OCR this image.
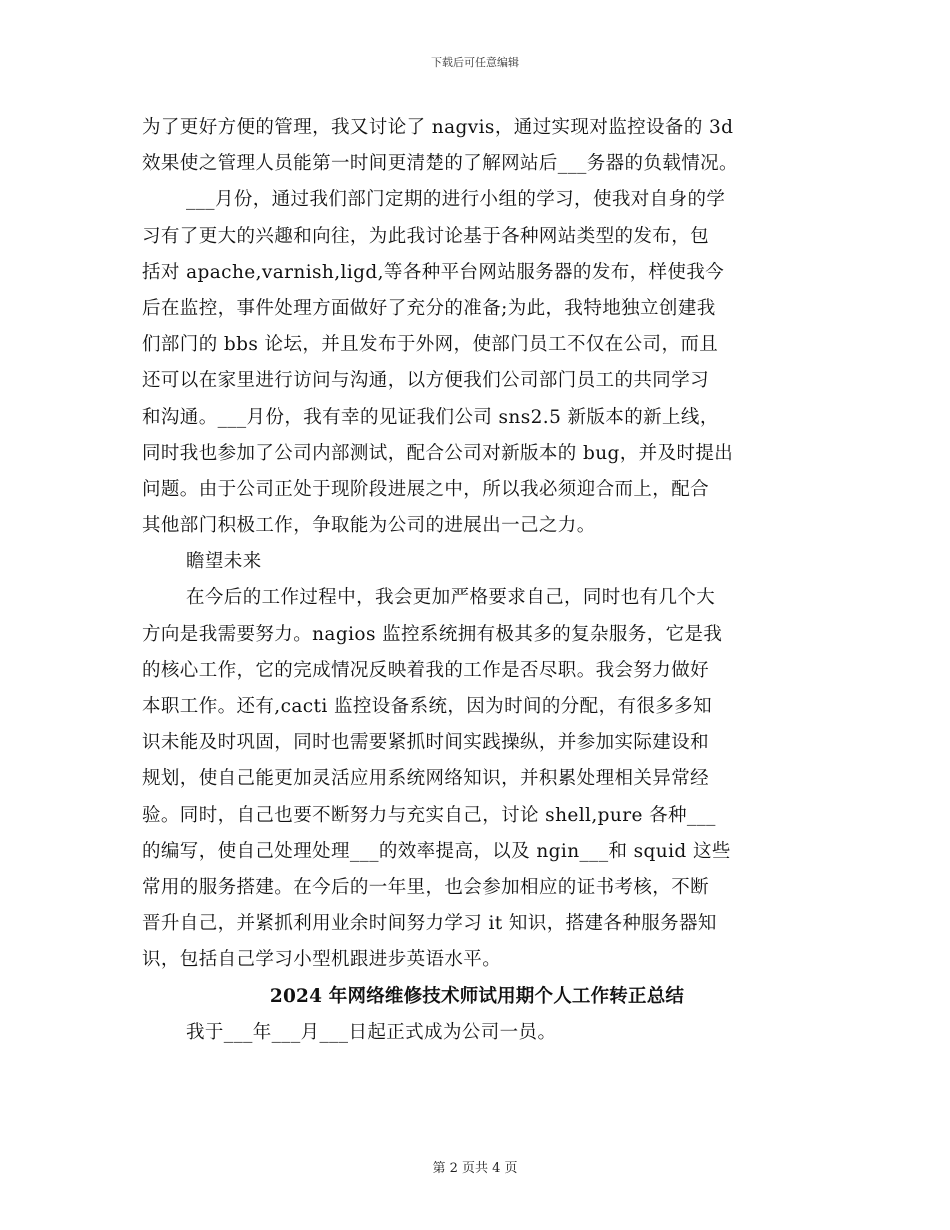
下载后可任意编辑
为了更好方便的管理，我又讨论了 nagvis，通过实现对监控设备的 3d
效果使之管理人员能第一时间更清楚的了解网站后___务器的负载情况。
___月份，通过我们部门定期的进行小组的学习，使我对自身的学
习有了更大的兴趣和向往，为此我讨论基于各种网站类型的发布，包
括对 apache,varnish,ligd,等各种平台网站服务器的发布，样使我今
后在监控，事件处理方面做好了充分的准备;为此，我特地独立创建我
们部门的 bbs 论坛，并且发布于外网，使部门员工不仅在公司，而且
还可以在家里进行访问与沟通，以方便我们公司部门员工的共同学习
和沟通。___月份，我有幸的见证我们公司 sns2.5 新版本的新上线，
同时我也参加了公司内部测试，配合公司对新版本的 bug，并及时提出
问题。由于公司正处于现阶段进展之中，所以我必须迎合而上，配合
其他部门积极工作，争取能为公司的进展出一己之力。
瞻望未来
在今后的工作过程中，我会更加严格要求自己，同时也有几个大
方向是我需要努力。nagios 监控系统拥有极其多的复杂服务，它是我
的核心工作，它的完成情况反映着我的工作是否尽职。我会努力做好
本职工作。还有,cacti 监控设备系统，因为时间的分配，有很多多知
识未能及时巩固，同时也需要紧抓时间实践操纵，并参加实际建设和
规划，使自己能更加灵活应用系统网络知识，并积累处理相关异常经
验。同时，自己也要不断努力与充实自己，讨论 shell,pure 各种___
的编写，使自己处理处理___的效率提高，以及 ngin___和 squid 这些
常用的服务搭建。在今后的一年里，也会参加相应的证书考核，不断
晋升自己，并紧抓利用业余时间努力学习 it 知识，搭建各种服务器知
识，包括自己学习小型机跟进步英语水平。
2024 年网络维修技术师试用期个人工作转正总结
我于___年___月___日起正式成为公司一员。
第 2 页共 4 页
